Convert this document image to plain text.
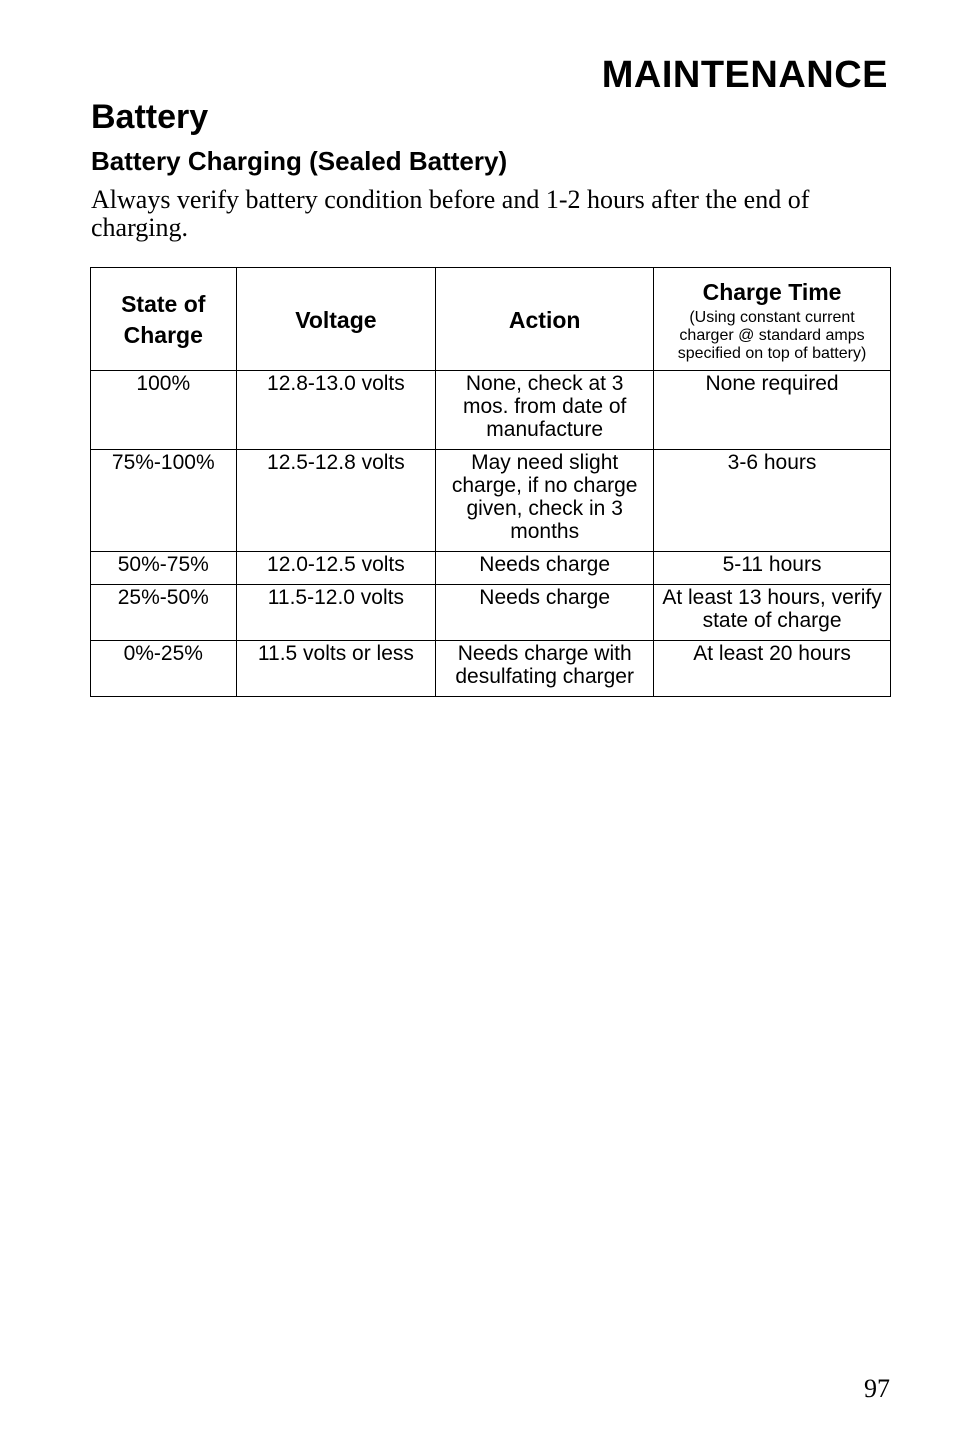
MAINTENANCE
Battery
Battery Charging (Sealed Battery)

Always verify battery condition before and 1-2 hours after the end of charging.

State of Charge	Voltage	Action	Charge Time
(Using constant current charger @ standard amps specified on top of battery)

100%	12.8-13.0 volts	None, check at 3 mos. from date of manufacture	None required
75%-100%	12.5-12.8 volts	May need slight charge, if no charge given, check in 3 months	3-6 hours
50%-75%	12.0-12.5 volts	Needs charge	5-11 hours
25%-50%	11.5-12.0 volts	Needs charge	At least 13 hours, verify state of charge
0%-25%	11.5 volts or less	Needs charge with desulfating charger	At least 20 hours

97
